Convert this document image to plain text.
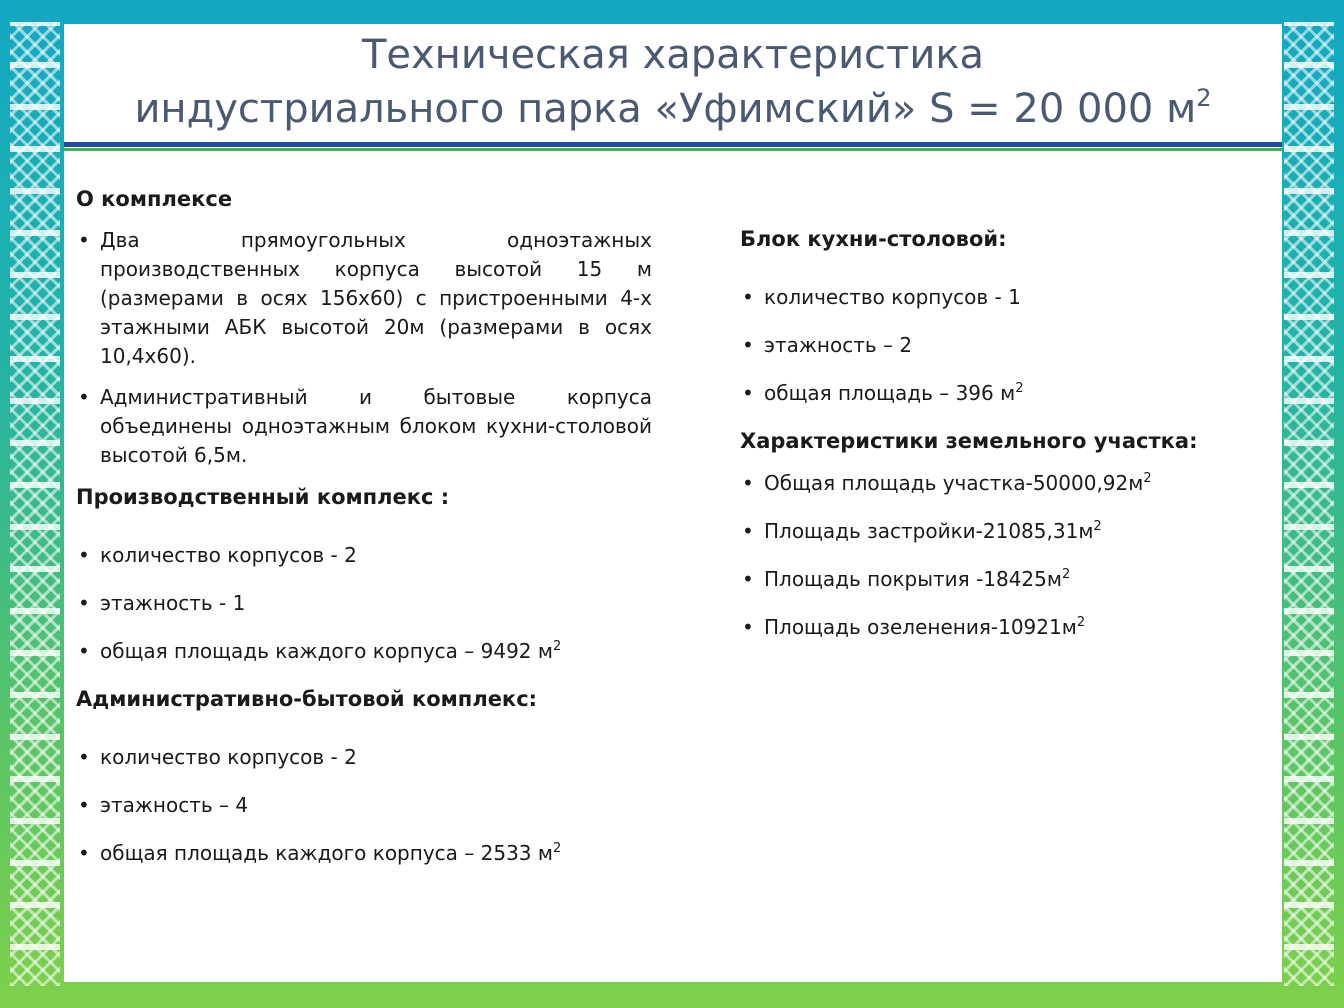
Техническая характеристика
индустриального парка «Уфимский» S = 20 000 $м^2$
О комплексе
• Два прямоугольных одноэтажных производственных корпуса высотой 15 м (размерами в осях 156х60) с пристроенными 4-х этажными АБК высотой 20м (размерами в осях 10,4х60).
• Административный и бытовые корпуса объединены одноэтажным блоком кухни-столовой высотой 6,5м.
Производственный комплекс :
• количество корпусов - 2
• этажность - 1
• общая площадь каждого корпуса – 9492 $м^2$
Административно-бытовой комплекс:
• количество корпусов - 2
• этажность – 4
• общая площадь каждого корпуса – 2533 $м^2$
Блок кухни-столовой:
• количество корпусов - 1
• этажность – 2
• общая площадь – 396 $м^2$
Характеристики земельного участка:
• Общая площадь участка-$50000,92м^2$
• Площадь застройки-$21085,31м^2$
• Площадь покрытия $-18425м^2$
• Площадь озеленения-$10921м^2$
